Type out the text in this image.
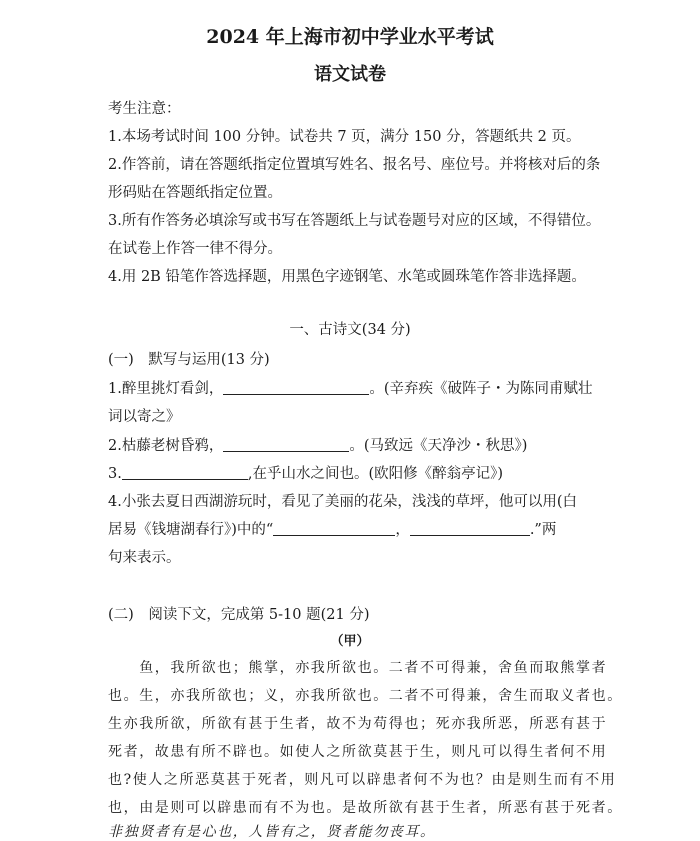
2024 年上海市初中学业水平考试
语文试卷
考生注意：
1.本场考试时间 100 分钟。试卷共 7 页，满分 150 分，答题纸共 2 页。
2.作答前，请在答题纸指定位置填写姓名、报名号、座位号。并将核对后的条
形码贴在答题纸指定位置。
3.所有作答务必填涂写或书写在答题纸上与试卷题号对应的区域，不得错位。
在试卷上作答一律不得分。
4.用 2B 铅笔作答选择题，用黑色字迹钢笔、水笔或圆珠笔作答非选择题。
一、古诗文(34 分)
(一)　默写与运用(13 分)
1.醉里挑灯看剑，	。(辛弃疾《破阵子・为陈同甫赋壮
词以寄之》
2.枯藤老树昏鸦，	。(马致远《天净沙・秋思》)
3.	,在乎山水之间也。(欧阳修《醉翁亭记》)
4.小张去夏日西湖游玩时，看见了美丽的花朵，浅浅的草坪，他可以用(白
居易《钱塘湖春行》)中的“	，	.”两
句来表示。
(二)　阅读下文，完成第 5-10 题(21 分)
（甲）
　　鱼，我所欲也；熊掌，亦我所欲也。二者不可得兼，舍鱼而取熊掌者
也。生，亦我所欲也；义，亦我所欲也。二者不可得兼，舍生而取义者也。
生亦我所欲，所欲有甚于生者，故不为苟得也；死亦我所恶，所恶有甚于
死者，故患有所不辟也。如使人之所欲莫甚于生，则凡可以得生者何不用
也?使人之所恶莫甚于死者，则凡可以辟患者何不为也？由是则生而有不用
也，由是则可以辟患而有不为也。是故所欲有甚于生者，所恶有甚于死者。
非独贤者有是心也，人皆有之，贤者能勿丧耳。
